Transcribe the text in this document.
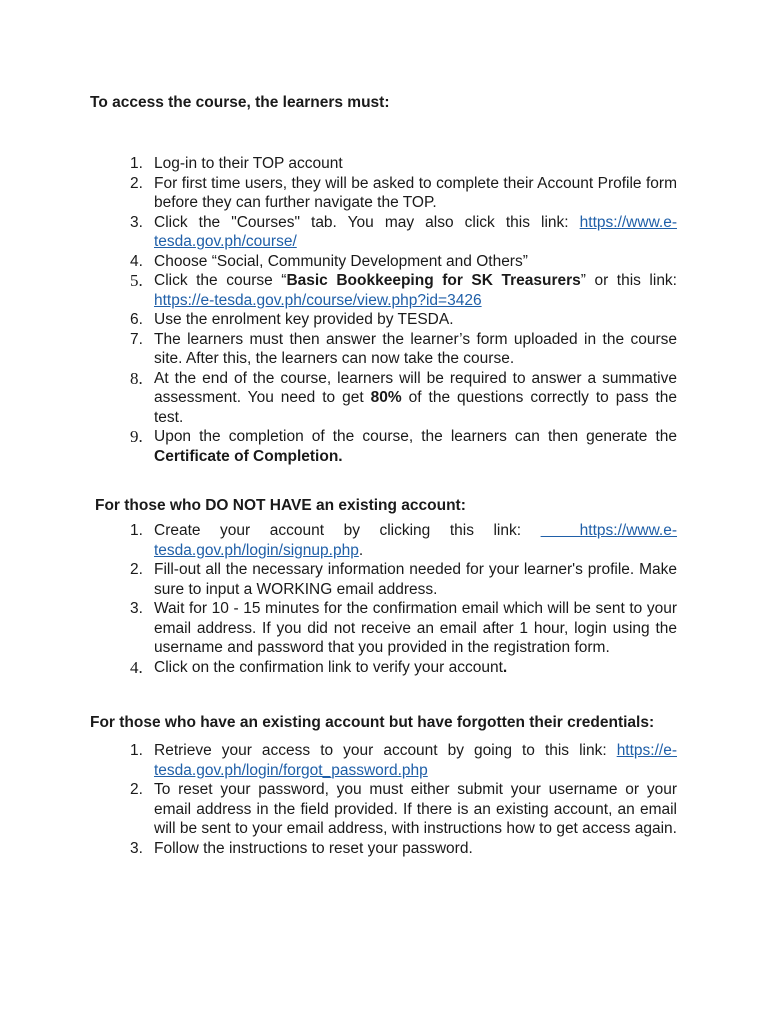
To access the course, the learners must:

1. Log-in to their TOP account
2. For first time users, they will be asked to complete their Account Profile form before they can further navigate the TOP.
3. Click the "Courses" tab. You may also click this link: https://www.e-tesda.gov.ph/course/
4. Choose “Social, Community Development and Others”
5. Click the course “Basic Bookkeeping for SK Treasurers” or this link: https://e-tesda.gov.ph/course/view.php?id=3426
6. Use the enrolment key provided by TESDA.
7. The learners must then answer the learner’s form uploaded in the course site. After this, the learners can now take the course.
8. At the end of the course, learners will be required to answer a summative assessment. You need to get 80% of the questions correctly to pass the test.
9. Upon the completion of the course, the learners can then generate the Certificate of Completion.

For those who DO NOT HAVE an existing account:

1. Create your account by clicking this link:   https://www.e-tesda.gov.ph/login/signup.php.
2. Fill-out all the necessary information needed for your learner's profile. Make sure to input a WORKING email address.
3. Wait for 10 - 15 minutes for the confirmation email which will be sent to your email address. If you did not receive an email after 1 hour, login using the username and password that you provided in the registration form.
4. Click on the confirmation link to verify your account.

For those who have an existing account but have forgotten their credentials:

1. Retrieve your access to your account by going to this link: https://e-tesda.gov.ph/login/forgot_password.php
2. To reset your password, you must either submit your username or your email address in the field provided. If there is an existing account, an email will be sent to your email address, with instructions how to get access again.
3. Follow the instructions to reset your password.
